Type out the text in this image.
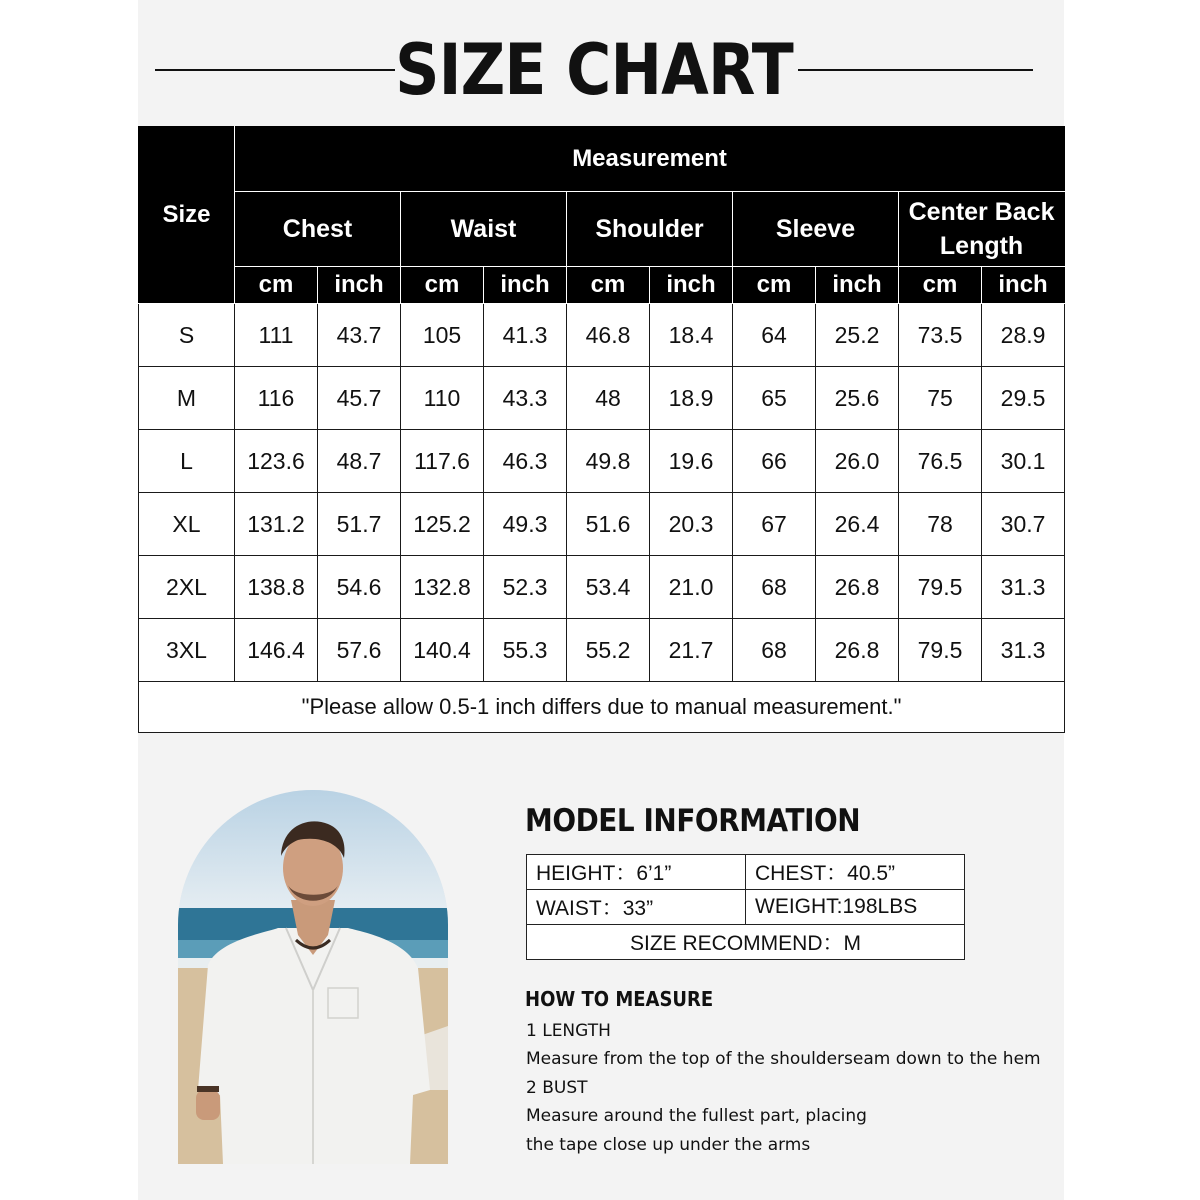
SIZE CHART
Size	Measurement									
	Chest		Waist		Shoulder		Sleeve		Center Back Length	
	cm	inch	cm	inch	cm	inch	cm	inch	cm	inch
S	111	43.7	105	41.3	46.8	18.4	64	25.2	73.5	28.9
M	116	45.7	110	43.3	48	18.9	65	25.6	75	29.5
L	123.6	48.7	117.6	46.3	49.8	19.6	66	26.0	76.5	30.1
XL	131.2	51.7	125.2	49.3	51.6	20.3	67	26.4	78	30.7
2XL	138.8	54.6	132.8	52.3	53.4	21.0	68	26.8	79.5	31.3
3XL	146.4	57.6	140.4	55.3	55.2	21.7	68	26.8	79.5	31.3
"Please allow 0.5-1 inch differs due to manual measurement."										
MODEL INFORMATION
HEIGHT：6’1”	CHEST：40.5”
WAIST：33”	WEIGHT:198LBS
SIZE RECOMMEND：M	
HOW TO MEASURE
1 LENGTH
Measure from the top of the shoulderseam down to the hem
2 BUST
Measure around the fullest part, placing
the tape close up under the arms
